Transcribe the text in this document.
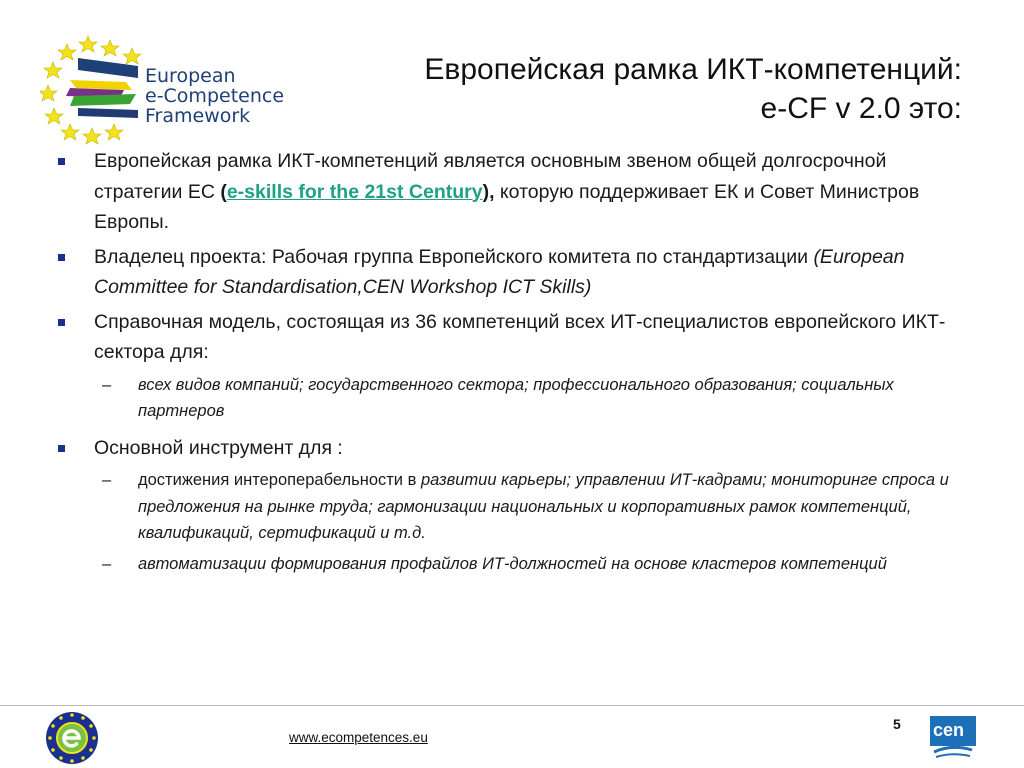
European
e-Competence
Framework
Европейская рамка ИКТ-компетенций:
e-CF v 2.0 это:
Европейская рамка ИКТ-компетенций является основным звеном общей долгосрочной стратегии ЕС (e-skills for the 21st Century), которую поддерживает ЕК и Совет Министров Европы.
Владелец проекта: Рабочая группа Европейского комитета по стандартизации (European Committee for Standardisation,CEN Workshop ICT Skills)
Справочная модель, состоящая из 36 компетенций всех ИТ-специалистов европейского ИКТ-сектора для:
– всех видов компаний; государственного сектора; профессионального образования; социальных партнеров
Основной инструмент для :
– достижения интероперабельности в развитии карьеры; управлении ИТ-кадрами; мониторинге спроса и предложения на рынке труда; гармонизации национальных и корпоративных рамок компетенций, квалификаций, сертификаций и т.д.
– автоматизации формирования профайлов ИТ-должностей на основе кластеров компетенций
www.ecompetences.eu
5 cen
